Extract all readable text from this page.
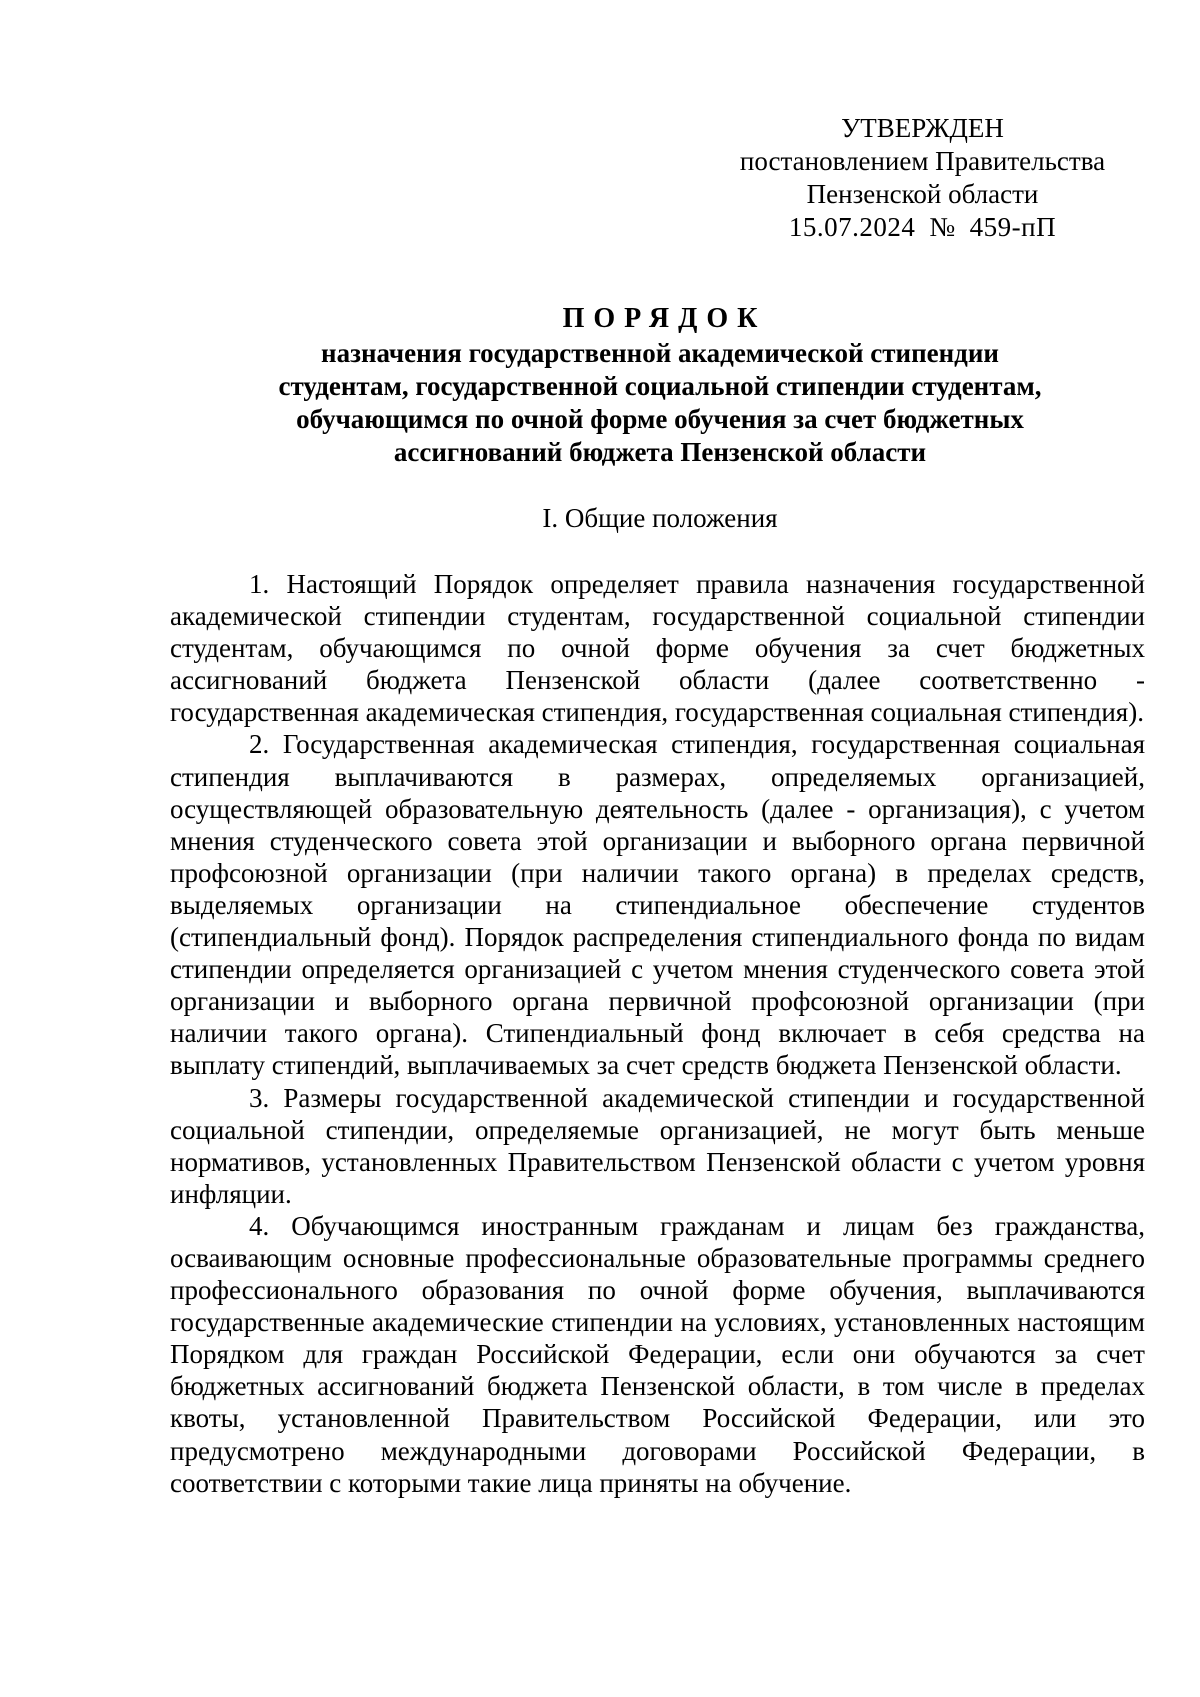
УТВЕРЖДЕН
постановлением Правительства
Пензенской области
15.07.2024 № 459-пП
ПОРЯДОК
назначения государственной академической стипендии
студентам, государственной социальной стипендии студентам,
обучающимся по очной форме обучения за счет бюджетных
ассигнований бюджета Пензенской области
I. Общие положения

1. Настоящий Порядок определяет правила назначения государственной академической стипендии студентам, государственной социальной стипендии студентам, обучающимся по очной форме обучения за счет бюджетных ассигнований бюджета Пензенской области (далее соответственно - государственная академическая стипендия, государственная социальная стипендия).

2. Государственная академическая стипендия, государственная социальная стипендия выплачиваются в размерах, определяемых организацией, осуществляющей образовательную деятельность (далее - организация), с учетом мнения студенческого совета этой организации и выборного органа первичной профсоюзной организации (при наличии такого органа) в пределах средств, выделяемых организации на стипендиальное обеспечение студентов (стипендиальный фонд). Порядок распределения стипендиального фонда по видам стипендии определяется организацией с учетом мнения студенческого совета этой организации и выборного органа первичной профсоюзной организации (при наличии такого органа). Стипендиальный фонд включает в себя средства на выплату стипендий, выплачиваемых за счет средств бюджета Пензенской области.

3. Размеры государственной академической стипендии и государственной социальной стипендии, определяемые организацией, не могут быть меньше нормативов, установленных Правительством Пензенской области с учетом уровня инфляции.

4. Обучающимся иностранным гражданам и лицам без гражданства, осваивающим основные профессиональные образовательные программы среднего профессионального образования по очной форме обучения, выплачиваются государственные академические стипендии на условиях, установленных настоящим Порядком для граждан Российской Федерации, если они обучаются за счет бюджетных ассигнований бюджета Пензенской области, в том числе в пределах квоты, установленной Правительством Российской Федерации, или это предусмотрено международными договорами Российской Федерации, в соответствии с которыми такие лица приняты на обучение.
